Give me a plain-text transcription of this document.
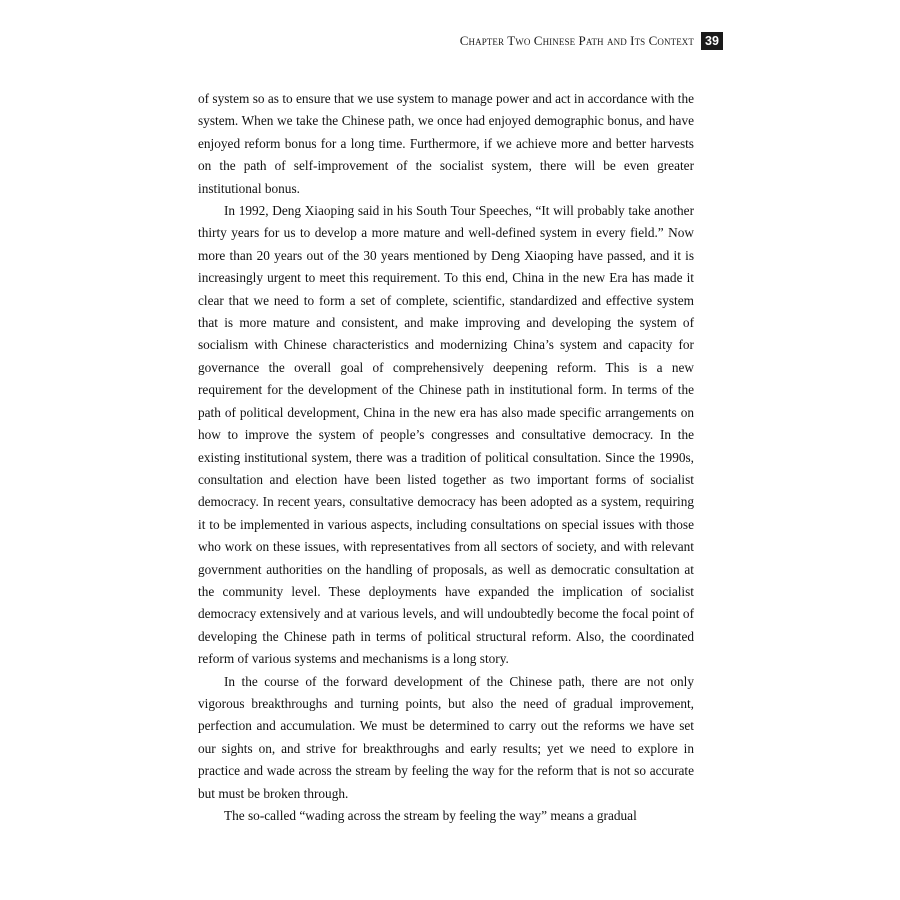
Chapter Two Chinese Path and Its Context 39

of system so as to ensure that we use system to manage power and act in accordance with the system. When we take the Chinese path, we once had enjoyed demographic bonus, and have enjoyed reform bonus for a long time. Furthermore, if we achieve more and better harvests on the path of self-improvement of the socialist system, there will be even greater institutional bonus.

In 1992, Deng Xiaoping said in his South Tour Speeches, “It will probably take another thirty years for us to develop a more mature and well-defined system in every field.” Now more than 20 years out of the 30 years mentioned by Deng Xiaoping have passed, and it is increasingly urgent to meet this requirement. To this end, China in the new Era has made it clear that we need to form a set of complete, scientific, standardized and effective system that is more mature and consistent, and make improving and developing the system of socialism with Chinese characteristics and modernizing China’s system and capacity for governance the overall goal of comprehensively deepening reform. This is a new requirement for the development of the Chinese path in institutional form. In terms of the path of political development, China in the new era has also made specific arrangements on how to improve the system of people’s congresses and consultative democracy. In the existing institutional system, there was a tradition of political consultation. Since the 1990s, consultation and election have been listed together as two important forms of socialist democracy. In recent years, consultative democracy has been adopted as a system, requiring it to be implemented in various aspects, including consultations on special issues with those who work on these issues, with representatives from all sectors of society, and with relevant government authorities on the handling of proposals, as well as democratic consultation at the community level. These deployments have expanded the implication of socialist democracy extensively and at various levels, and will undoubtedly become the focal point of developing the Chinese path in terms of political structural reform. Also, the coordinated reform of various systems and mechanisms is a long story.

In the course of the forward development of the Chinese path, there are not only vigorous breakthroughs and turning points, but also the need of gradual improvement, perfection and accumulation. We must be determined to carry out the reforms we have set our sights on, and strive for breakthroughs and early results; yet we need to explore in practice and wade across the stream by feeling the way for the reform that is not so accurate but must be broken through.

The so-called “wading across the stream by feeling the way” means a gradual
